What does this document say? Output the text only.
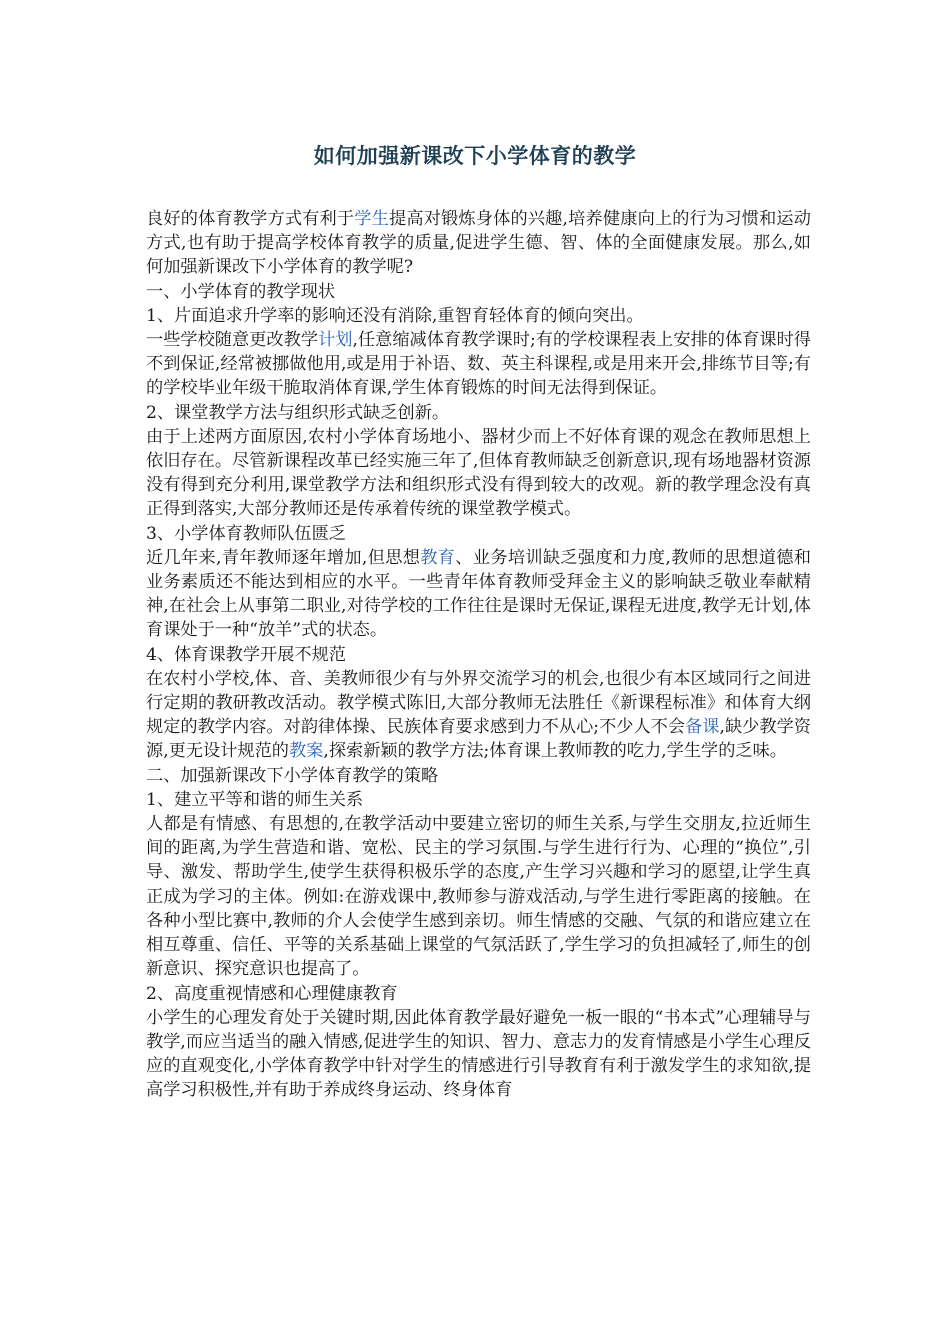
如何加强新课改下小学体育的教学
良好的体育教学方式有利于学生提高对锻炼身体的兴趣,培养健康向上的行为习惯和运动方式,也有助于提高学校体育教学的质量,促进学生德、智、体的全面健康发展。那么,如何加强新课改下小学体育的教学呢?
一、小学体育的教学现状
1、片面追求升学率的影响还没有消除,重智育轻体育的倾向突出。
一些学校随意更改教学计划,任意缩减体育教学课时;有的学校课程表上安排的体育课时得不到保证,经常被挪做他用,或是用于补语、数、英主科课程,或是用来开会,排练节目等;有的学校毕业年级干脆取消体育课,学生体育锻炼的时间无法得到保证。
2、课堂教学方法与组织形式缺乏创新。
由于上述两方面原因,农村小学体育场地小、器材少而上不好体育课的观念在教师思想上依旧存在。尽管新课程改革已经实施三年了,但体育教师缺乏创新意识,现有场地器材资源没有得到充分利用,课堂教学方法和组织形式没有得到较大的改观。新的教学理念没有真正得到落实,大部分教师还是传承着传统的课堂教学模式。
3、小学体育教师队伍匮乏
近几年来,青年教师逐年增加,但思想教育、业务培训缺乏强度和力度,教师的思想道德和业务素质还不能达到相应的水平。一些青年体育教师受拜金主义的影响缺乏敬业奉献精神,在社会上从事第二职业,对待学校的工作往往是课时无保证,课程无进度,教学无计划,体育课处于一种“放羊”式的状态。
4、体育课教学开展不规范
在农村小学校,体、音、美教师很少有与外界交流学习的机会,也很少有本区域同行之间进行定期的教研教改活动。教学模式陈旧,大部分教师无法胜任《新课程标准》和体育大纲规定的教学内容。对韵律体操、民族体育要求感到力不从心;不少人不会备课,缺少教学资源,更无设计规范的教案,探索新颖的教学方法;体育课上教师教的吃力,学生学的乏味。
二、加强新课改下小学体育教学的策略
1、建立平等和谐的师生关系
人都是有情感、有思想的,在教学活动中要建立密切的师生关系,与学生交朋友,拉近师生间的距离,为学生营造和谐、宽松、民主的学习氛围.与学生进行行为、心理的“换位”,引导、激发、帮助学生,使学生获得积极乐学的态度,产生学习兴趣和学习的愿望,让学生真正成为学习的主体。例如:在游戏课中,教师参与游戏活动,与学生进行零距离的接触。在各种小型比赛中,教师的介人会使学生感到亲切。师生情感的交融、气氛的和谐应建立在相互尊重、信任、平等的关系基础上课堂的气氛活跃了,学生学习的负担减轻了,师生的创新意识、探究意识也提高了。
2、高度重视情感和心理健康教育
小学生的心理发育处于关键时期,因此体育教学最好避免一板一眼的“书本式”心理辅导与教学,而应当适当的融入情感,促进学生的知识、智力、意志力的发育情感是小学生心理反应的直观变化,小学体育教学中针对学生的情感进行引导教育有利于激发学生的求知欲,提高学习积极性,并有助于养成终身运动、终身体育
